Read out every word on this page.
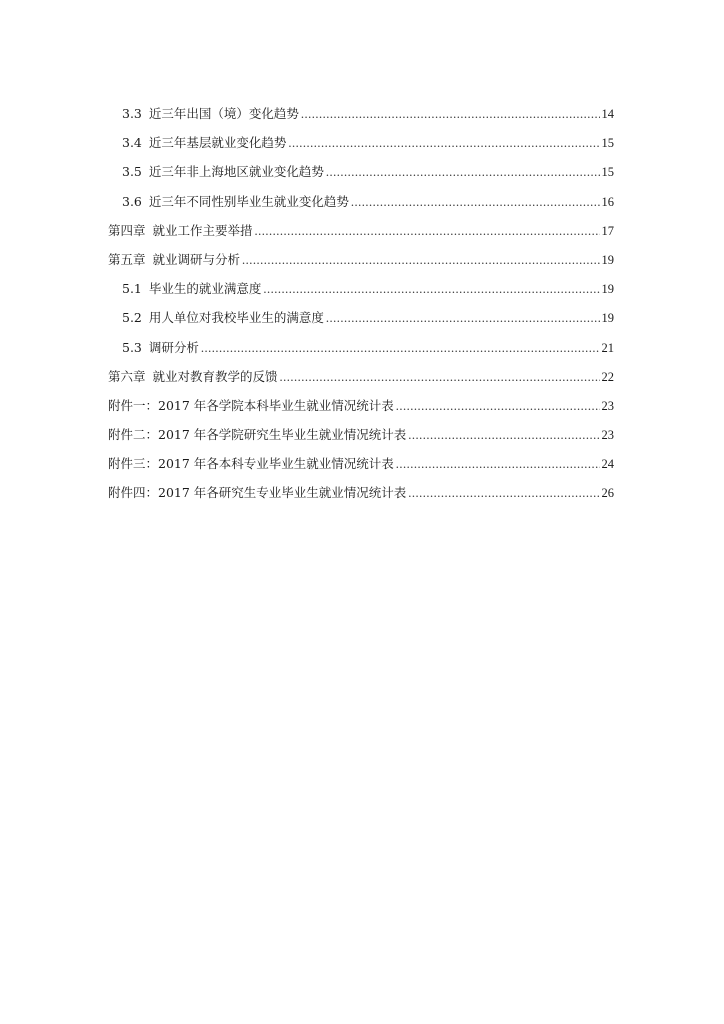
3.3 近三年出国（境）变化趋势 .....	14
3.4 近三年基层就业变化趋势 .....	15
3.5 近三年非上海地区就业变化趋势 .....	15
3.6 近三年不同性别毕业生就业变化趋势 .....	16
第四章 就业工作主要举措 .....	17
第五章 就业调研与分析 .....	19
5.1 毕业生的就业满意度 .....	19
5.2 用人单位对我校毕业生的满意度 .....	19
5.3 调研分析 .....	21
第六章 就业对教育教学的反馈 .....	22
附件一：2017 年各学院本科毕业生就业情况统计表 .....	23
附件二：2017 年各学院研究生毕业生就业情况统计表 .....	23
附件三：2017 年各本科专业毕业生就业情况统计表 .....	24
附件四：2017 年各研究生专业毕业生就业情况统计表 .....	26
